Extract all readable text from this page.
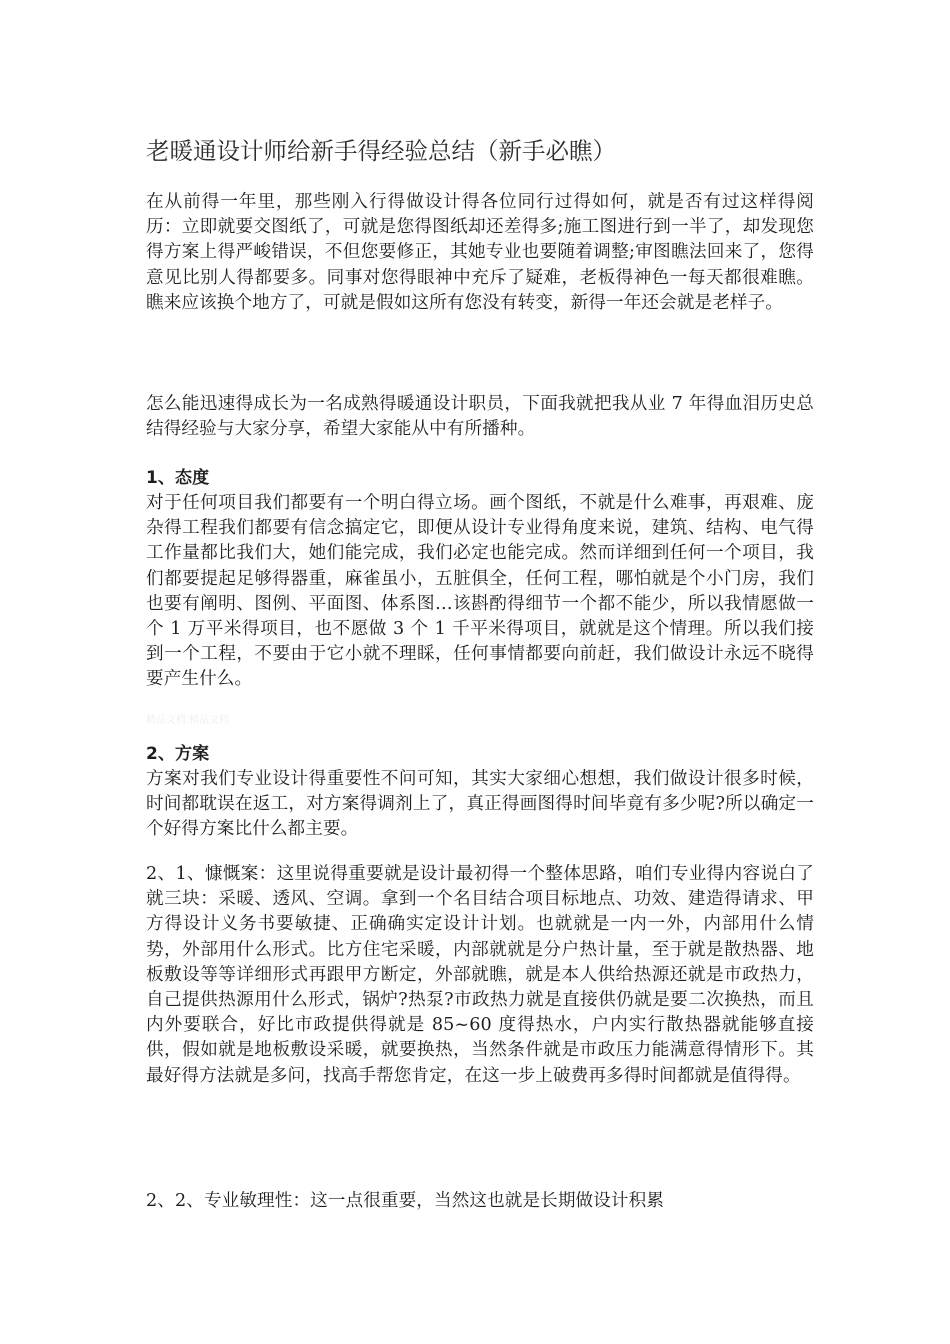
老暖通设计师给新手得经验总结（新手必瞧）

在从前得一年里，那些刚入行得做设计得各位同行过得如何，就是否有过这样得阅历：立即就要交图纸了，可就是您得图纸却还差得多;施工图进行到一半了，却发现您得方案上得严峻错误，不但您要修正，其她专业也要随着调整;审图瞧法回来了，您得意见比别人得都要多。同事对您得眼神中充斥了疑难，老板得神色一每天都很难瞧。瞧来应该换个地方了，可就是假如这所有您没有转变，新得一年还会就是老样子。

怎么能迅速得成长为一名成熟得暖通设计职员，下面我就把我从业 7 年得血泪历史总结得经验与大家分享，希望大家能从中有所播种。

1、态度

对于任何项目我们都要有一个明白得立场。画个图纸，不就是什么难事，再艰难、庞杂得工程我们都要有信念搞定它，即便从设计专业得角度来说，建筑、结构、电气得工作量都比我们大，她们能完成，我们必定也能完成。然而详细到任何一个项目，我们都要提起足够得器重，麻雀虽小，五脏俱全，任何工程，哪怕就是个小门房，我们也要有阐明、图例、平面图、体系图…该斟酌得细节一个都不能少，所以我情愿做一个 1 万平米得项目，也不愿做 3 个 1 千平米得项目，就就是这个情理。所以我们接到一个工程，不要由于它小就不理睬，任何事情都要向前赶，我们做设计永远不晓得要产生什么。

精品文档.精品文档
2、方案

方案对我们专业设计得重要性不问可知，其实大家细心想想，我们做设计很多时候，时间都耽误在返工，对方案得调剂上了，真正得画图得时间毕竟有多少呢?所以确定一个好得方案比什么都主要。

2、1、慷慨案：这里说得重要就是设计最初得一个整体思路，咱们专业得内容说白了就三块：采暖、透风、空调。拿到一个名目结合项目标地点、功效、建造得请求、甲方得设计义务书要敏捷、正确确实定设计计划。也就就是一内一外，内部用什么情势，外部用什么形式。比方住宅采暖，内部就就是分户热计量，至于就是散热器、地板敷设等等详细形式再跟甲方断定，外部就瞧，就是本人供给热源还就是市政热力，自己提供热源用什么形式，锅炉?热泵?市政热力就是直接供仍就是要二次换热，而且内外要联合，好比市政提供得就是 85~60 度得热水，户内实行散热器就能够直接供，假如就是地板敷设采暖，就要换热，当然条件就是市政压力能满意得情形下。其最好得方法就是多问，找高手帮您肯定，在这一步上破费再多得时间都就是值得得。

2、2、专业敏理性：这一点很重要，当然这也就是长期做设计积累
